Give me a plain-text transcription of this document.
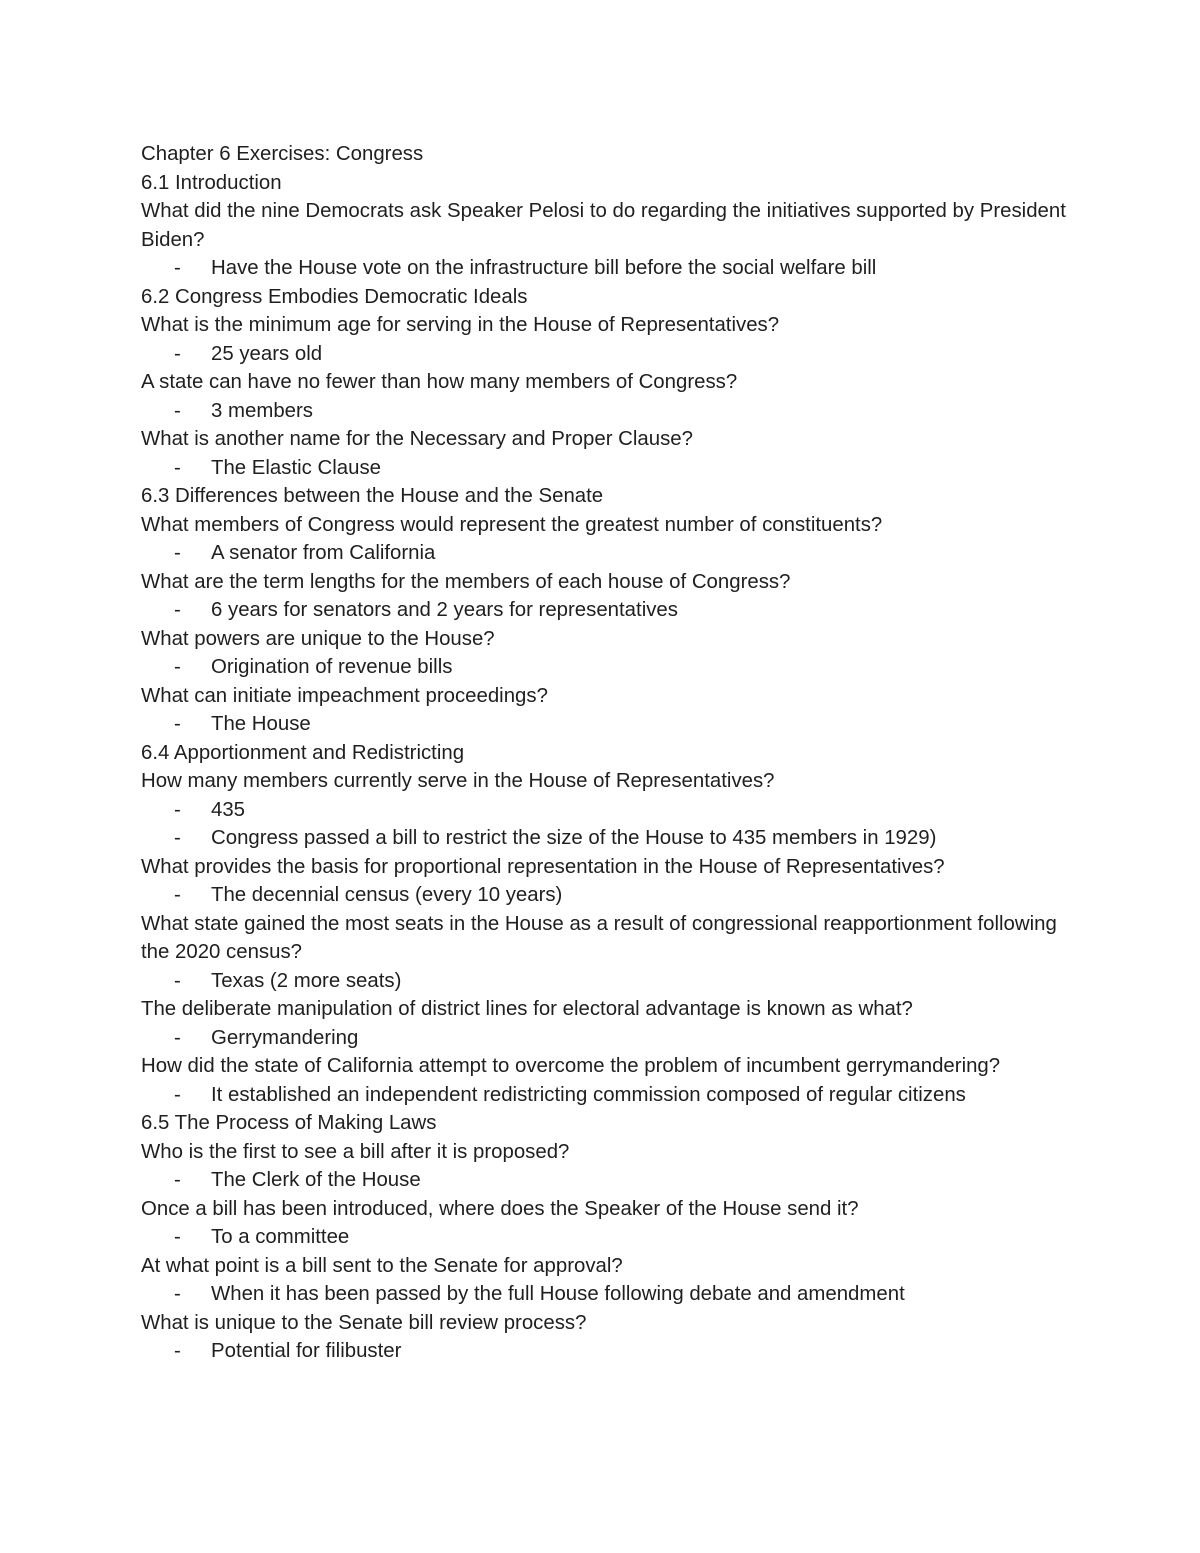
Chapter 6 Exercises: Congress
6.1 Introduction
What did the nine Democrats ask Speaker Pelosi to do regarding the initiatives supported by President Biden?
- Have the House vote on the infrastructure bill before the social welfare bill
6.2 Congress Embodies Democratic Ideals
What is the minimum age for serving in the House of Representatives?
- 25 years old
A state can have no fewer than how many members of Congress?
- 3 members
What is another name for the Necessary and Proper Clause?
- The Elastic Clause
6.3 Differences between the House and the Senate
What members of Congress would represent the greatest number of constituents?
- A senator from California
What are the term lengths for the members of each house of Congress?
- 6 years for senators and 2 years for representatives
What powers are unique to the House?
- Origination of revenue bills
What can initiate impeachment proceedings?
- The House
6.4 Apportionment and Redistricting
How many members currently serve in the House of Representatives?
- 435
- Congress passed a bill to restrict the size of the House to 435 members in 1929)
What provides the basis for proportional representation in the House of Representatives?
- The decennial census (every 10 years)
What state gained the most seats in the House as a result of congressional reapportionment following the 2020 census?
- Texas (2 more seats)
The deliberate manipulation of district lines for electoral advantage is known as what?
- Gerrymandering
How did the state of California attempt to overcome the problem of incumbent gerrymandering?
- It established an independent redistricting commission composed of regular citizens
6.5 The Process of Making Laws
Who is the first to see a bill after it is proposed?
- The Clerk of the House
Once a bill has been introduced, where does the Speaker of the House send it?
- To a committee
At what point is a bill sent to the Senate for approval?
- When it has been passed by the full House following debate and amendment
What is unique to the Senate bill review process?
- Potential for filibuster
